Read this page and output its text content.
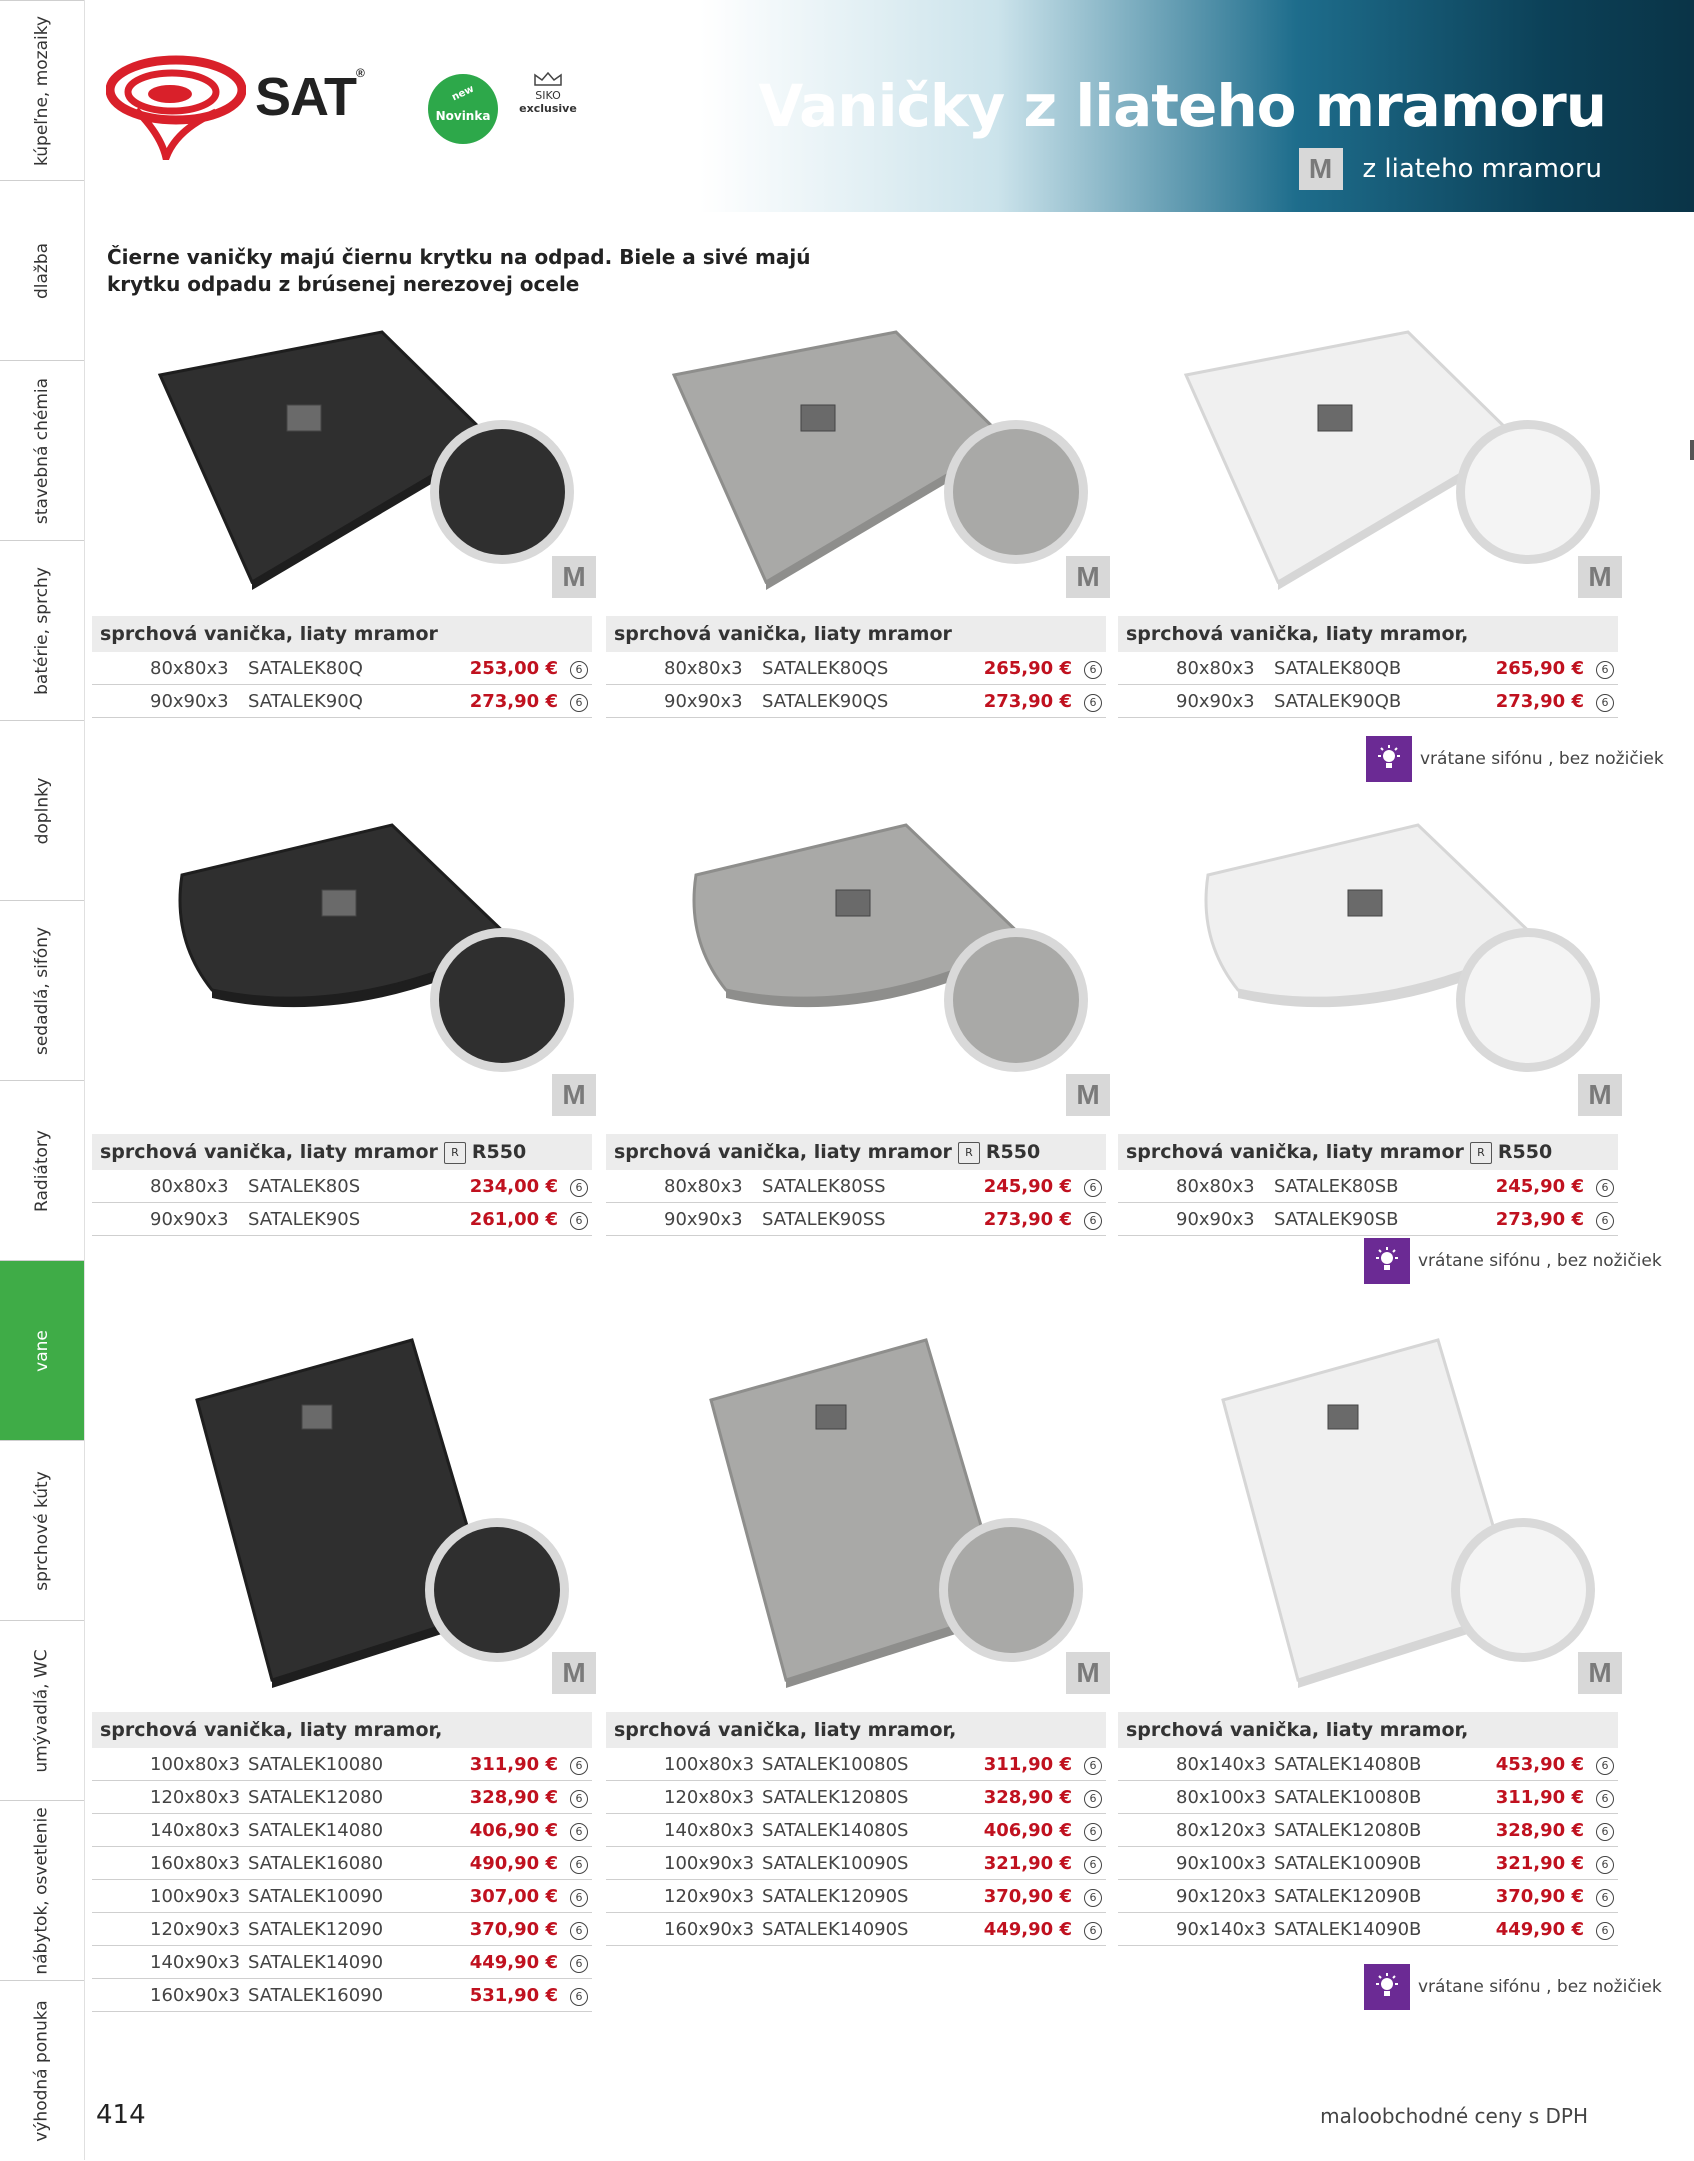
kúpeľne, mozaiky
dlažba
stavebná chémia
batérie, sprchy
doplnky
sedadlá, sifóny
Radiátory
vane
sprchové kúty
umývadlá, WC
nábytok, osvetlenie
výhodná ponuka
SAT®
new
Novinka
SIKO
exclusive	Vaničky z liateho mramoru
M	z liateho mramoru
Čierne vaničky majú čiernu krytku na odpad. Biele a sivé majú krytku odpadu z brúsenej nerezovej ocele
M	M	M
M	M	M
M	M	M
sprchová vanička, liaty mramor
80x80x3	SATALEK80Q	253,00 €	6
90x90x3	SATALEK90Q	273,90 €	6
sprchová vanička, liaty mramor
80x80x3	SATALEK80QS	265,90 €	6
90x90x3	SATALEK90QS	273,90 €	6
sprchová vanička, liaty mramor,
80x80x3	SATALEK80QB	265,90 €	6
90x90x3	SATALEK90QB	273,90 €	6
sprchová vanička, liaty mramor R R550
80x80x3	SATALEK80S	234,00 €	6
90x90x3	SATALEK90S	261,00 €	6
sprchová vanička, liaty mramor R R550
80x80x3	SATALEK80SS	245,90 €	6
90x90x3	SATALEK90SS	273,90 €	6
sprchová vanička, liaty mramor R R550
80x80x3	SATALEK80SB	245,90 €	6
90x90x3	SATALEK90SB	273,90 €	6
sprchová vanička, liaty mramor,
100x80x3 SATALEK10080	311,90 €	6
120x80x3 SATALEK12080	328,90 €	6
140x80x3 SATALEK14080	406,90 €	6
160x80x3 SATALEK16080	490,90 €	6
100x90x3 SATALEK10090	307,00 €	6
120x90x3 SATALEK12090	370,90 €	6
140x90x3 SATALEK14090	449,90 €	6
160x90x3 SATALEK16090	531,90 €	6
sprchová vanička, liaty mramor,
100x80x3 SATALEK10080S	311,90 €	6
120x80x3 SATALEK12080S	328,90 €	6
140x80x3 SATALEK14080S	406,90 €	6
100x90x3 SATALEK10090S	321,90 €	6
120x90x3 SATALEK12090S	370,90 €	6
160x90x3 SATALEK14090S	449,90 €	6
sprchová vanička, liaty mramor,
80x140x3 SATALEK14080B	453,90 €	6
80x100x3 SATALEK10080B	311,90 €	6
80x120x3 SATALEK12080B	328,90 €	6
90x100x3 SATALEK10090B	321,90 €	6
90x120x3 SATALEK12090B	370,90 €	6
90x140x3 SATALEK14090B	449,90 €	6
vrátane sifónu , bez nožičiek
vrátane sifónu , bez nožičiek
vrátane sifónu , bez nožičiek
414	maloobchodné ceny s DPH
